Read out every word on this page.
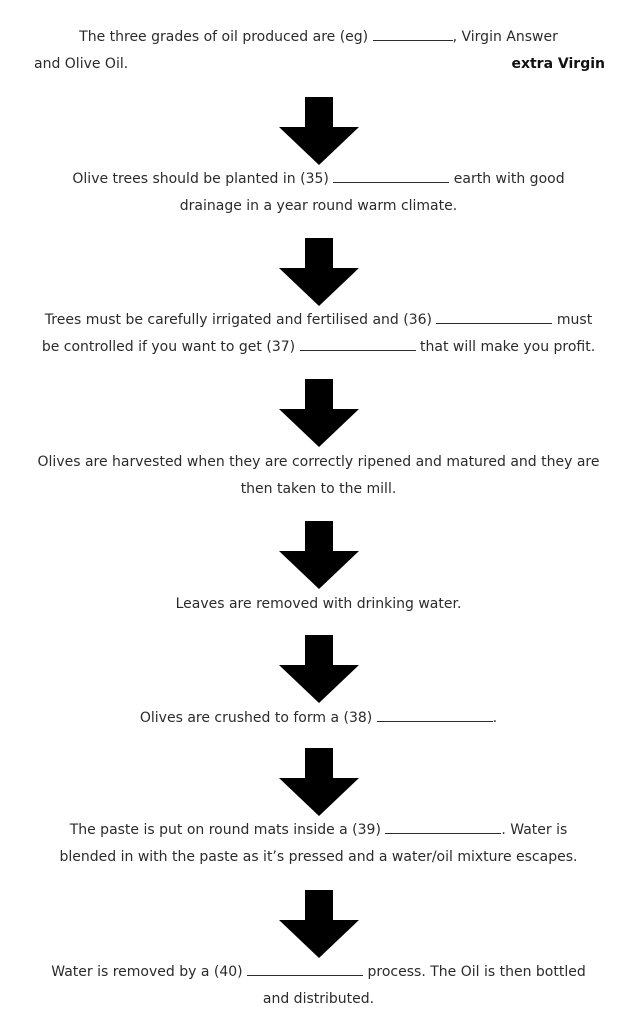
The three grades of oil produced are (eg)	, Virgin Answer
and Olive Oil.	extra Virgin

Olive trees should be planted in (35)	earth with good

drainage in a year round warm climate.

Trees must be carefully irrigated and fertilised and (36)	must

be controlled if you want to get (37)	that will make you profit.

Olives are harvested when they are correctly ripened and matured and they are

then taken to the mill.

Leaves are removed with drinking water.

Olives are crushed to form a (38)	.

The paste is put on round mats inside a (39)	. Water is

blended in with the paste as it’s pressed and a water/oil mixture escapes.

Water is removed by a (40)	process. The Oil is then bottled

and distributed.
